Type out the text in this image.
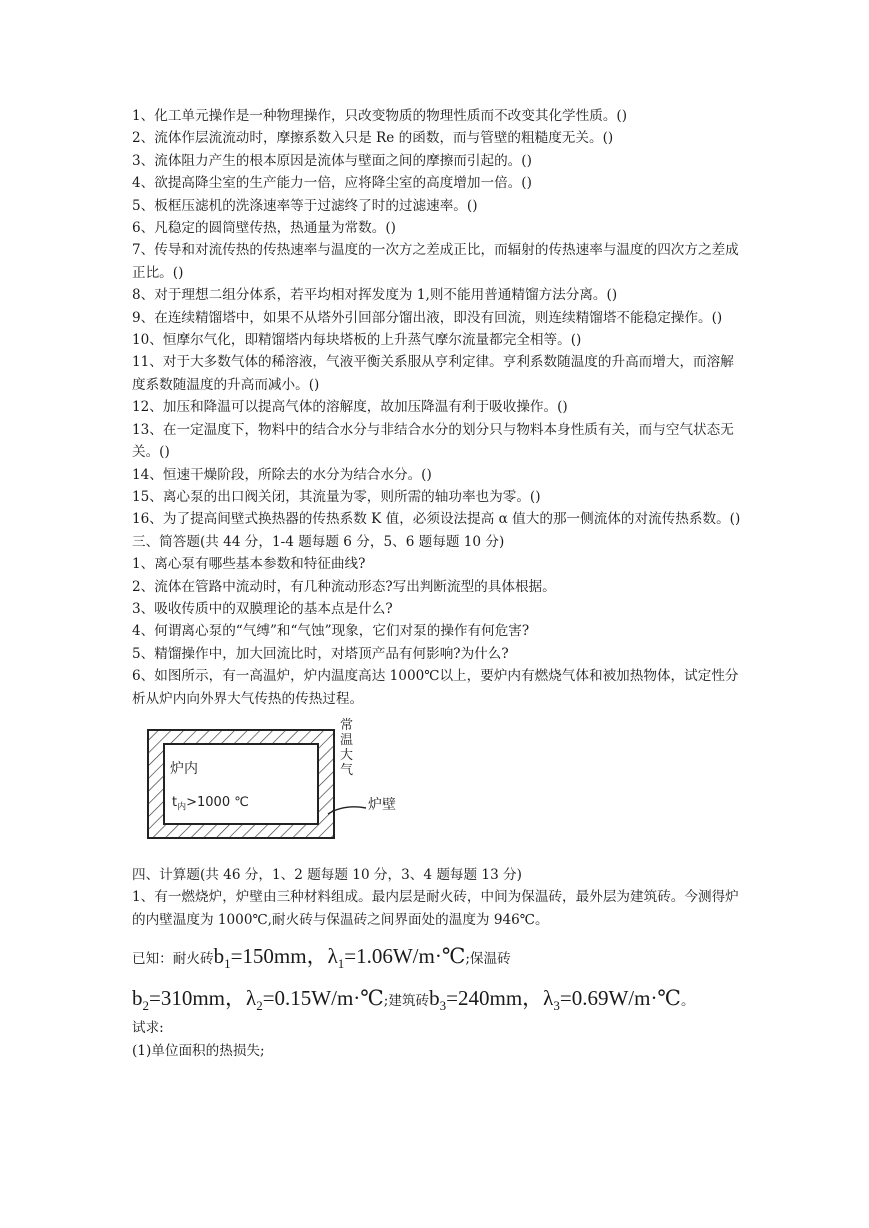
1、化工单元操作是一种物理操作，只改变物质的物理性质而不改变其化学性质。()

2、流体作层流流动时，摩擦系数入只是 Re 的函数，而与管壁的粗糙度无关。()

3、流体阻力产生的根本原因是流体与壁面之间的摩擦而引起的。()

4、欲提高降尘室的生产能力一倍，应将降尘室的高度增加一倍。()

5、板框压滤机的洗涤速率等于过滤终了时的过滤速率。()

6、凡稳定的圆筒壁传热，热通量为常数。()

7、传导和对流传热的传热速率与温度的一次方之差成正比，而辐射的传热速率与温度的四次方之差成正比。()

8、对于理想二组分体系，若平均相对挥发度为 1,则不能用普通精馏方法分离。()

9、在连续精馏塔中，如果不从塔外引回部分馏出液，即没有回流，则连续精馏塔不能稳定操作。()

10、恒摩尔气化，即精馏塔内每块塔板的上升蒸气摩尔流量都完全相等。()

11、对于大多数气体的稀溶液，气液平衡关系服从亨利定律。亨利系数随温度的升高而增大，而溶解度系数随温度的升高而减小。()

12、加压和降温可以提高气体的溶解度，故加压降温有利于吸收操作。()

13、在一定温度下，物料中的结合水分与非结合水分的划分只与物料本身性质有关，而与空气状态无关。()

14、恒速干燥阶段，所除去的水分为结合水分。()

15、离心泵的出口阀关闭，其流量为零，则所需的轴功率也为零。()

16、为了提高间壁式换热器的传热系数 K 值，必须设法提高 α 值大的那一侧流体的对流传热系数。()

三、简答题(共 44 分，1-4 题每题 6 分，5、6 题每题 10 分)

1、离心泵有哪些基本参数和特征曲线?

2、流体在管路中流动时，有几种流动形态?写出判断流型的具体根据。

3、吸收传质中的双膜理论的基本点是什么?

4、何谓离心泵的“气缚”和“气蚀”现象，它们对泵的操作有何危害?

5、精馏操作中，加大回流比时，对塔顶产品有何影响?为什么?

6、如图所示，有一高温炉，炉内温度高达 1000℃以上，要炉内有燃烧气体和被加热物体，试定性分析从炉内向外界大气传热的传热过程。

常温大气
炉内
$t_内>1000$ ℃	炉壁

四、计算题(共 46 分，1、2 题每题 10 分，3、4 题每题 13 分)

1、有一燃烧炉，炉壁由三种材料组成。最内层是耐火砖，中间为保温砖，最外层为建筑砖。今测得炉的内壁温度为 1000℃,耐火砖与保温砖之间界面处的温度为 946℃。

已知：耐火砖$b_1=150mm$，$\lambda_1=1.06W/m\cdot℃$;保温砖
$b_2=310mm$，$\lambda_2=0.15W/m\cdot℃$;建筑砖$b_3=240mm$，$\lambda_3=0.69W/m\cdot℃$。

试求:

(1)单位面积的热损失;
